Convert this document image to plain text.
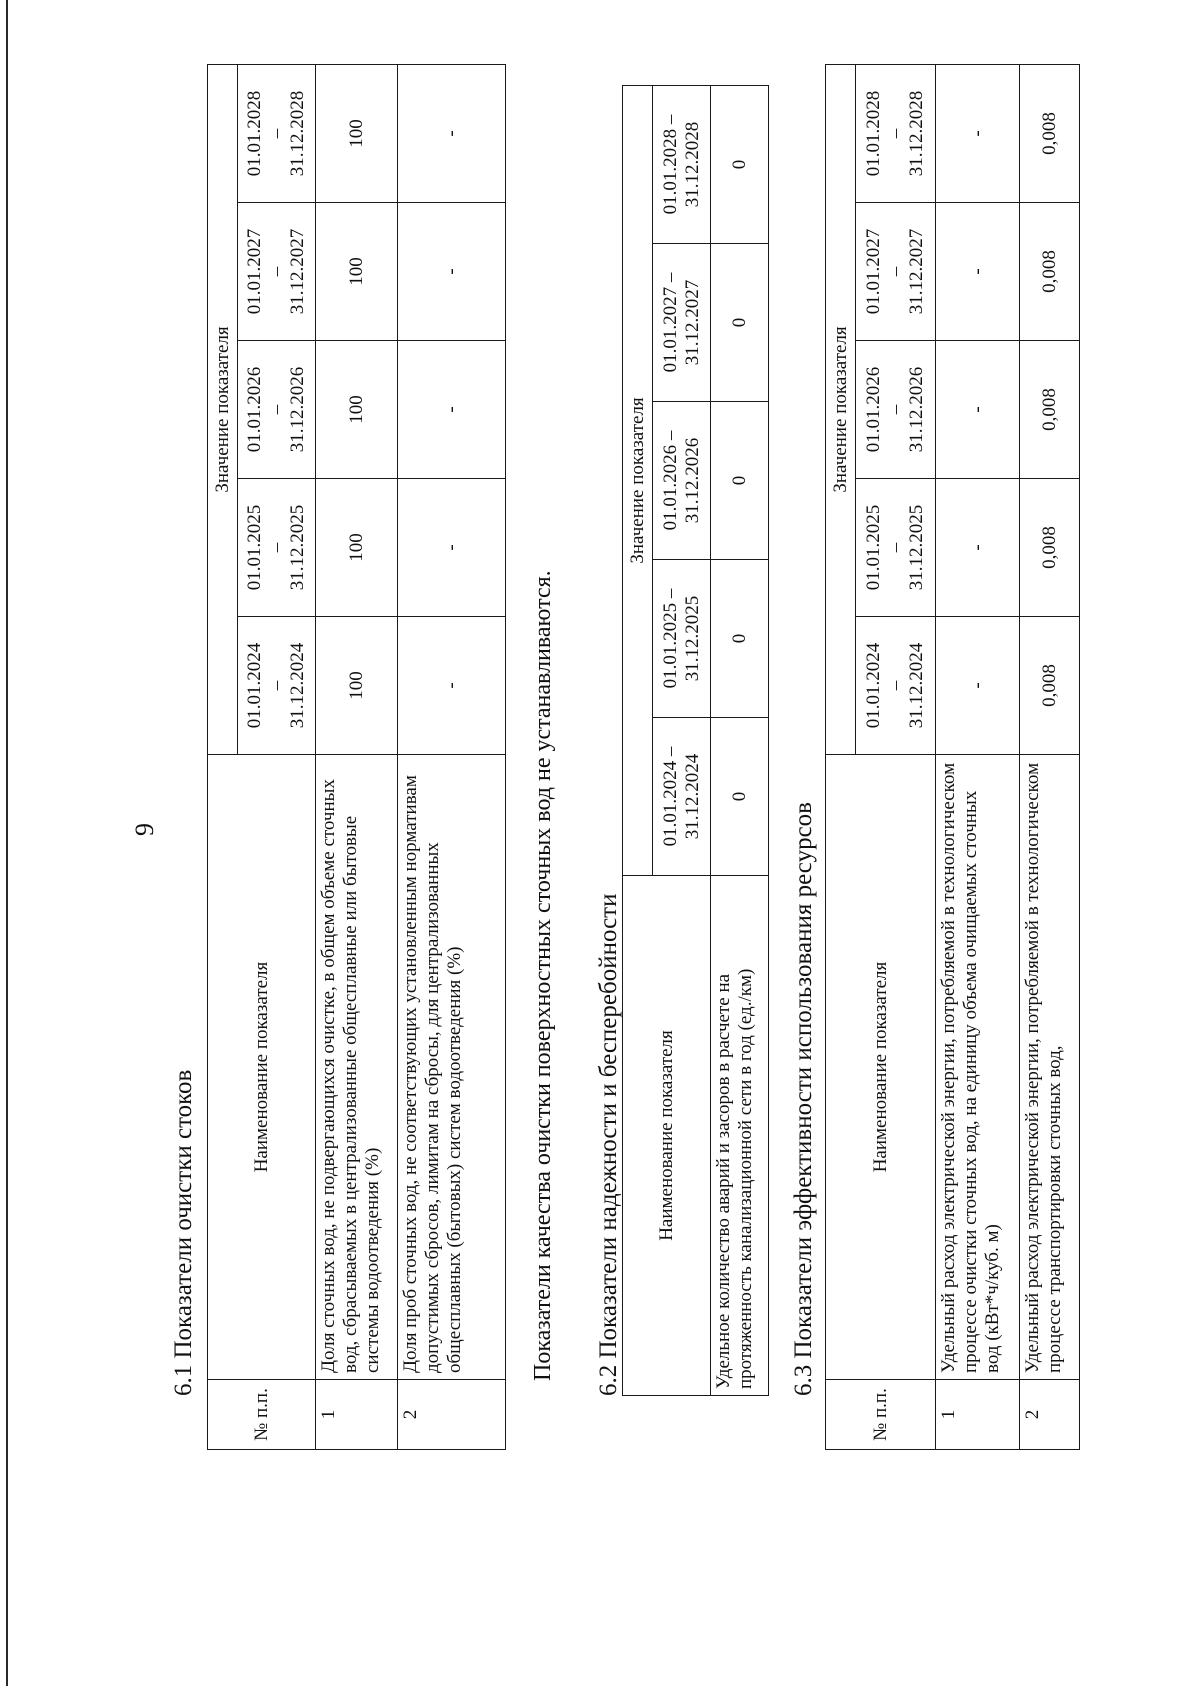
9
6.1 Показатели очистки стоков
№ п.п.	Наименование показателя	Значение показателя				

		01.01.2024 – 31.12.2024	01.01.2025 – 31.12.2025	01.01.2026 – 31.12.2026	01.01.2027 – 31.12.2027	01.01.2028 – 31.12.2028

1	Доля сточных вод, не подвергающихся очистке, в общем объеме сточных вод, сбрасываемых в централизованные общесплавные или бытовые системы водоотведения (%)	100	100	100	100	100
2	Доля проб сточных вод, не соответствующих установленным нормативам допустимых сбросов, лимитам на сбросы, для централизованных общесплавных (бытовых) систем водоотведения (%)	-	-	-	-	-
Показатели качества очистки поверхностных сточных вод не устанавливаются. 6.2 Показатели надежности и бесперебойности Наименование показателя	Значение показателя				
	01.01.2024 – 31.12.2024	01.01.2025 – 31.12.2025	01.01.2026 – 31.12.2026	01.01.2027 – 31.12.2027	01.01.2028 – 31.12.2028
Удельное количество аварий и засоров в расчете на протяженность канализационной сети в год (ед./км)	0	0	0	0	0
6.3 Показатели эффективности использования ресурсов
№ п.п.	Наименование показателя	Значение показателя				

		01.01.2024 – 31.12.2024	01.01.2025 – 31.12.2025	01.01.2026 – 31.12.2026	01.01.2027 – 31.12.2027	01.01.2028 – 31.12.2028

1	Удельный расход электрической энергии, потребляемой в технологическом процессе очистки сточных вод, на единицу объема очищаемых сточных вод (кВт*ч/куб. м)	-	-	-	-	-
2	Удельный расход электрической энергии, потребляемой в технологическом процессе транспортировки сточных вод,	0,008	0,008	0,008	0,008	0,008
